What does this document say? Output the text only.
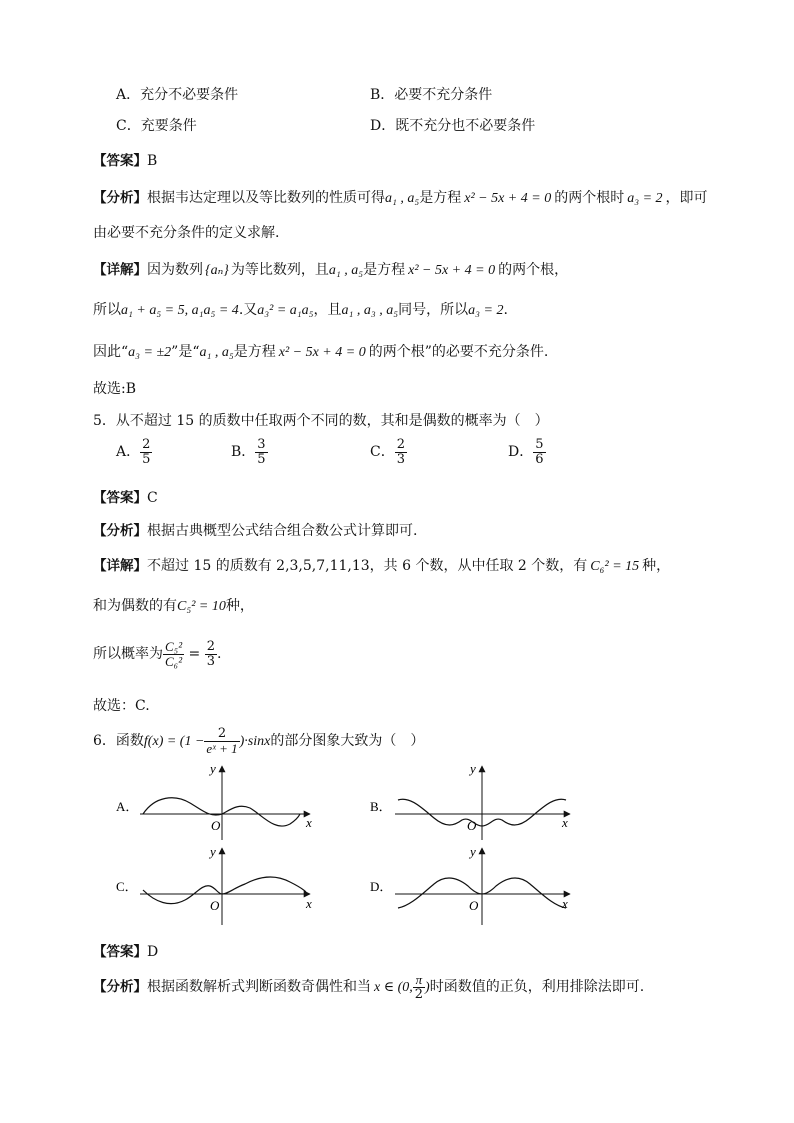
A．充分不必要条件	B．必要不充分条件
C．充要条件	D．既不充分也不必要条件
【答案】B
【分析】根据韦达定理以及等比数列的性质可得a₁ , a₅是方程 x² − 5x + 4 = 0 的两个根时 a₃ = 2 ，即可
由必要不充分条件的定义求解.
【详解】因为数列 {aₙ} 为等比数列，且a₁ , a₅是方程 x² − 5x + 4 = 0 的两个根，
所以a₁ + a₅ = 5, a₁a₅ = 4.又a₃² = a₁a₅，且a₁ , a₃ , a₅同号，所以a₃ = 2.
因此“a₃ = ±2”是“a₁ , a₅是方程 x² − 5x + 4 = 0 的两个根”的必要不充分条件.
故选:B
5．从不超过 15 的质数中任取两个不同的数，其和是偶数的概率为（　）
A． $\frac{2}{5}$	B． $\frac{3}{5}$	C． $\frac{2}{3}$	D． $\frac{5}{6}$
【答案】C
【分析】根据古典概型公式结合组合数公式计算即可.
【详解】不超过 15 的质数有 2,3,5,7,11,13，共 6 个数，从中任取 2 个数，有 C₆² = 15 种，
和为偶数的有C₅² = 10种，
所以概率为 $\frac{\text{C₅²}}{\text{C₆²}} = \frac{2}{3}$ .
故选：C.
6．函数$f(x) = (1 - \frac{2}{\text{eˣ + 1}} )\cdot\sin x$的部分图象大致为（　）
A．
x
y
O
B．
x
y
O
C．
x
y
O
D．
x
y
O
【答案】D
【分析】根据函数解析式判断函数奇偶性和当 x ∈ (0, $\frac{\pi}{2}$ )时函数值的正负，利用排除法即可.
